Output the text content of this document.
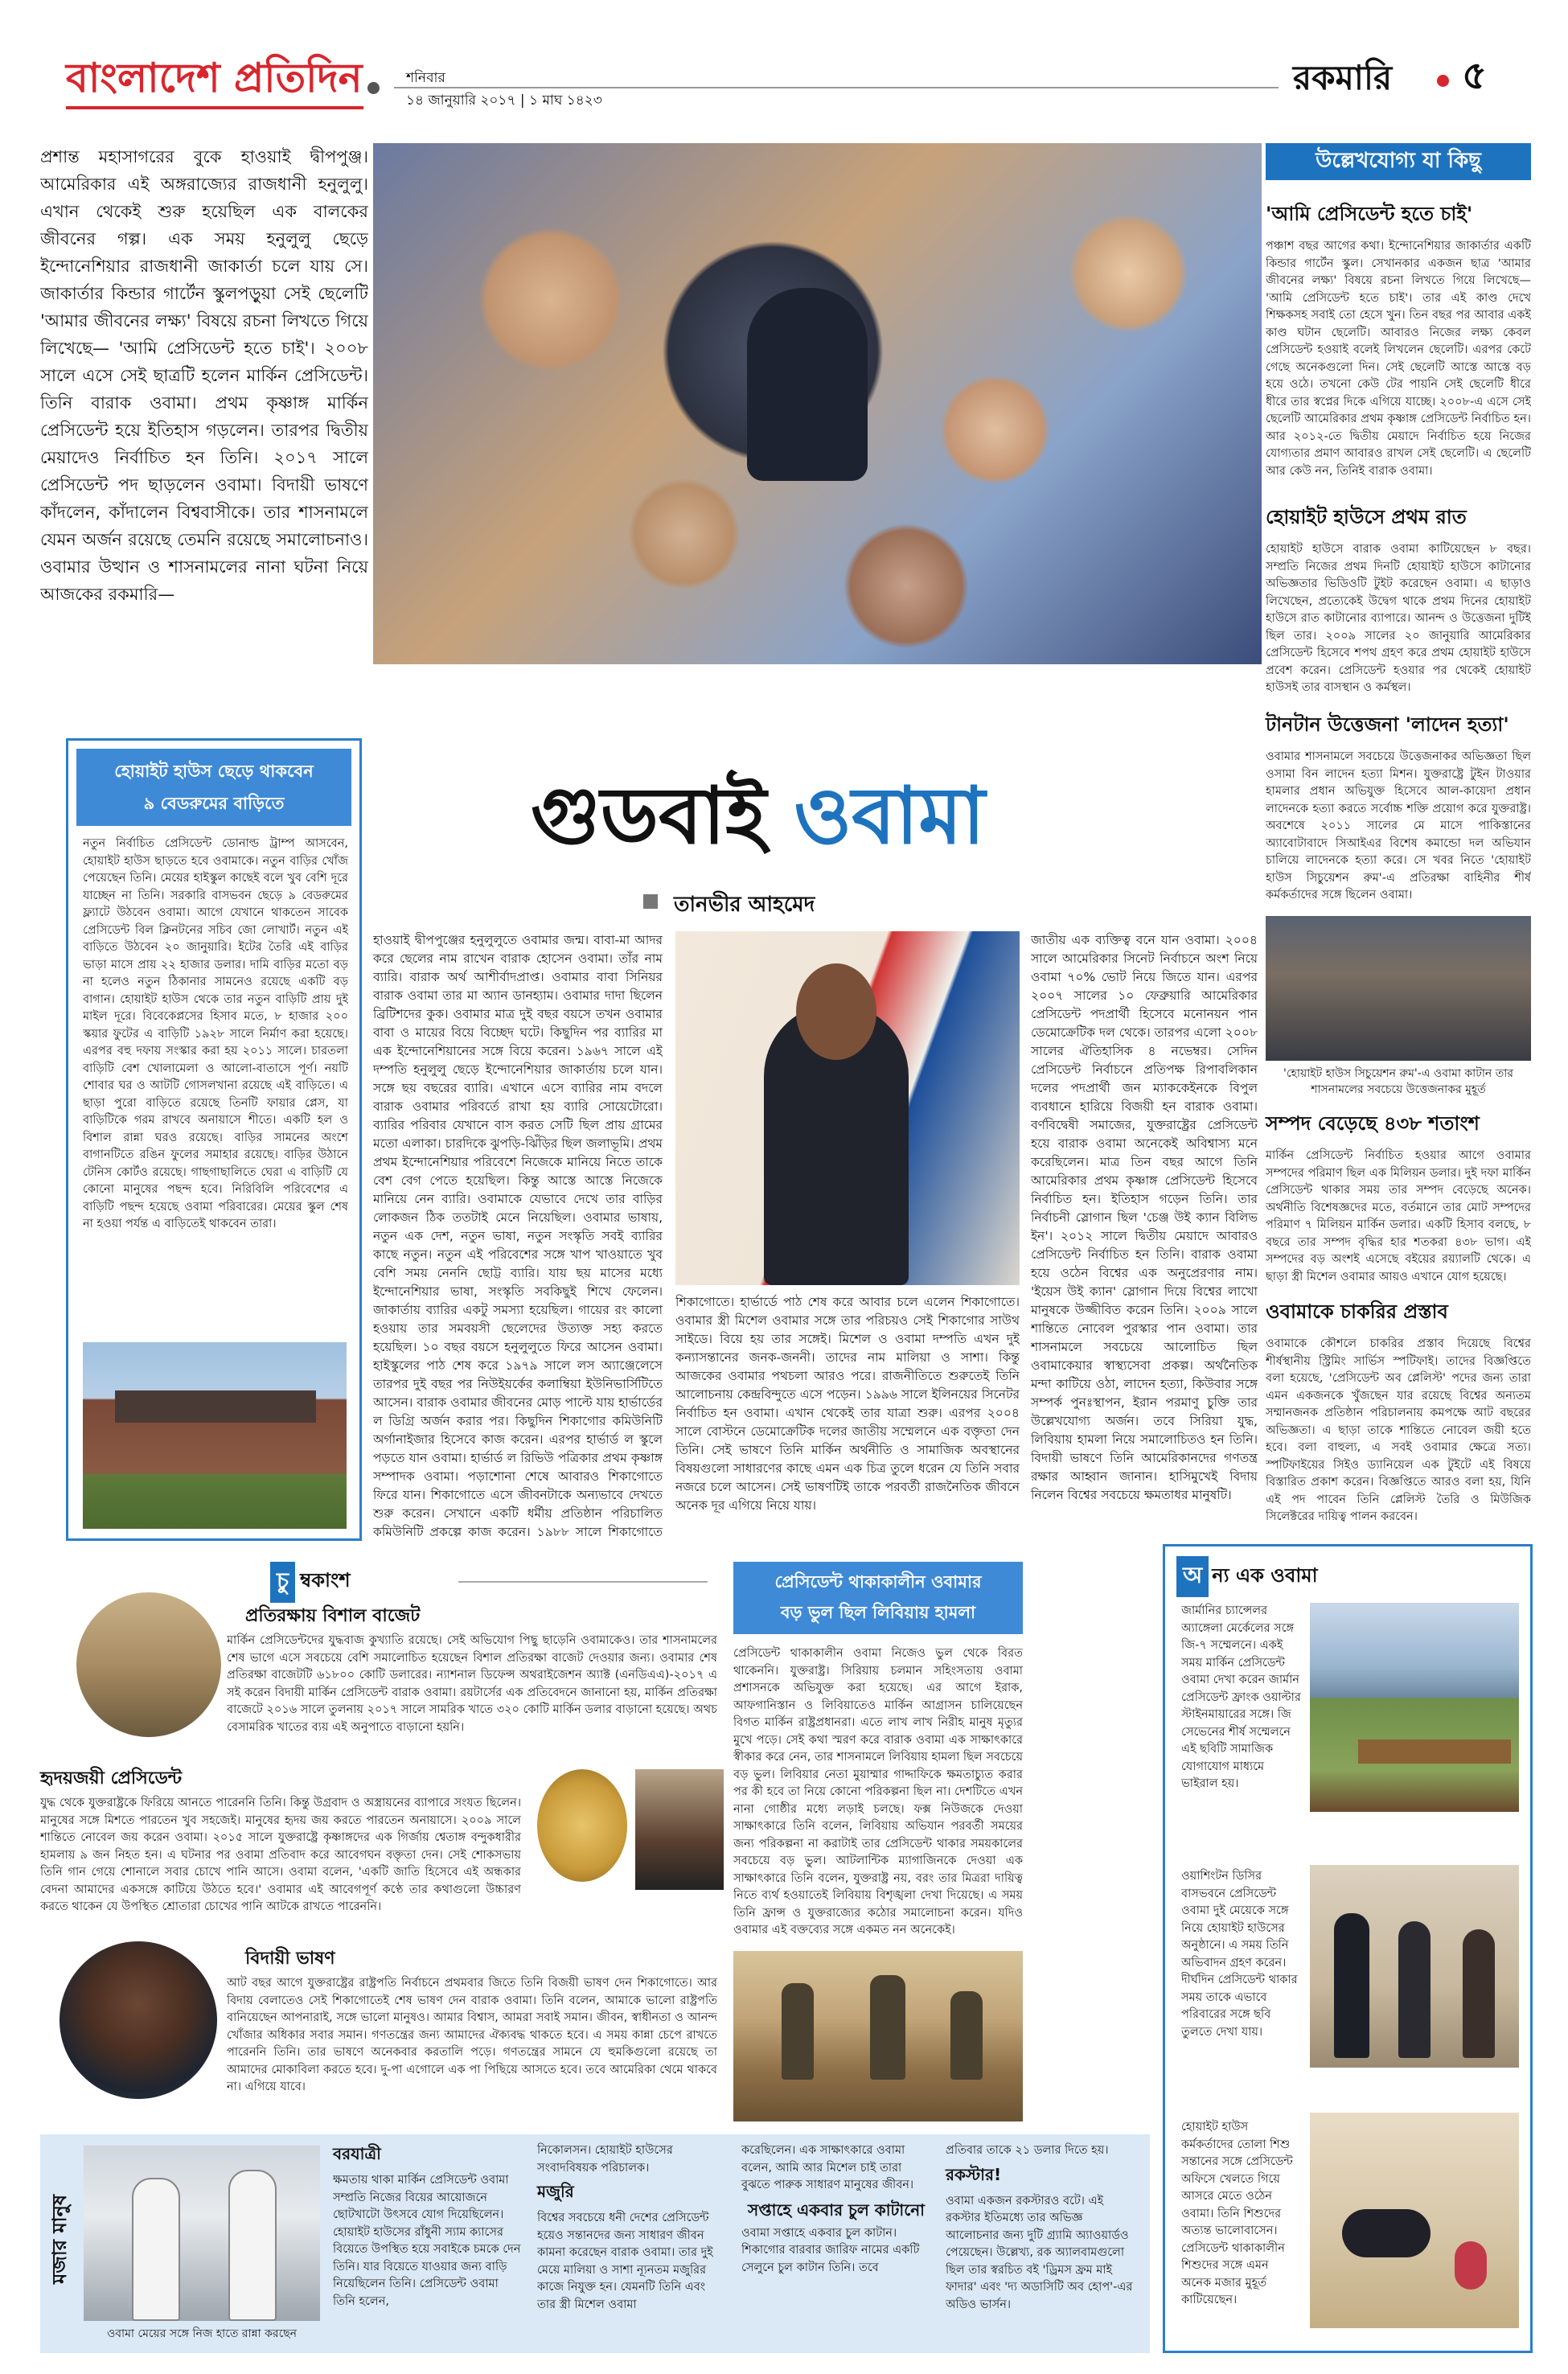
বাংলাদেশ প্রতিদিন	শনিবার
১৪ জানুয়ারি ২০১৭ | ১ মাঘ ১৪২৩
রকমারি ৫
প্রশান্ত মহাসাগরের বুকে হাওয়াই দ্বীপপুঞ্জ। আমেরিকার এই অঙ্গরাজ্যের রাজধানী হনুলুলু। এখান থেকেই শুরু হয়েছিল এক বালকের জীবনের গল্প। এক সময় হনুলুলু ছেড়ে ইন্দোনেশিয়ার রাজধানী জাকার্তা চলে যায় সে। জাকার্তার কিন্ডার গার্টেন স্কুলপড়ুয়া সেই ছেলেটি 'আমার জীবনের লক্ষ্য' বিষয়ে রচনা লিখতে গিয়ে লিখেছে— 'আমি প্রেসিডেন্ট হতে চাই'। ২০০৮ সালে এসে সেই ছাত্রটি হলেন মার্কিন প্রেসিডেন্ট। তিনি বারাক ওবামা। প্রথম কৃষ্ণাঙ্গ মার্কিন প্রেসিডেন্ট হয়ে ইতিহাস গড়লেন। তারপর দ্বিতীয় মেয়াদেও নির্বাচিত হন তিনি। ২০১৭ সালে প্রেসিডেন্ট পদ ছাড়লেন ওবামা। বিদায়ী ভাষণে কাঁদলেন, কাঁদালেন বিশ্ববাসীকে। তার শাসনামলে যেমন অর্জন রয়েছে তেমনি রয়েছে সমালোচনাও। ওবামার উত্থান ও শাসনামলের নানা ঘটনা নিয়ে আজকের রকমারি—
উল্লেখযোগ্য যা কিছু
'আমি প্রেসিডেন্ট হতে চাই'
পঞ্চাশ বছর আগের কথা। ইন্দোনেশিয়ার জাকার্তার একটি কিন্ডার গার্টেন স্কুল। সেখানকার একজন ছাত্র 'আমার জীবনের লক্ষ্য' বিষয়ে রচনা লিখতে গিয়ে লিখেছে— 'আমি প্রেসিডেন্ট হতে চাই'। তার এই কাণ্ড দেখে শিক্ষকসহ সবাই তো হেসে খুন। তিন বছর পর আবার একই কাণ্ড ঘটান ছেলেটি। আবারও নিজের লক্ষ্য কেবল প্রেসিডেন্ট হওয়াই বলেই লিখলেন ছেলেটি। এরপর কেটে গেছে অনেকগুলো দিন। সেই ছেলেটি আস্তে আস্তে বড় হয়ে ওঠে। তখনো কেউ টের পায়নি সেই ছেলেটি ধীরে ধীরে তার স্বপ্নের দিকে এগিয়ে যাচ্ছে। ২০০৮-এ এসে সেই ছেলেটি আমেরিকার প্রথম কৃষ্ণাঙ্গ প্রেসিডেন্ট নির্বাচিত হন। আর ২০১২-তে দ্বিতীয় মেয়াদে নির্বাচিত হয়ে নিজের যোগ্যতার প্রমাণ আবারও রাখল সেই ছেলেটি। এ ছেলেটি আর কেউ নন, তিনিই বারাক ওবামা।
হোয়াইট হাউসে প্রথম রাত
হোয়াইট হাউসে বারাক ওবামা কাটিয়েছেন ৮ বছর। সম্প্রতি নিজের প্রথম দিনটি হোয়াইট হাউসে কাটানোর অভিজ্ঞতার ভিডিওটি টুইট করেছেন ওবামা। এ ছাড়াও লিখেছেন, প্রত্যেকেই উদ্বেগ থাকে প্রথম দিনের হোয়াইট হাউসে রাত কাটানোর ব্যাপারে। আনন্দ ও উত্তেজনা দুটিই ছিল তার। ২০০৯ সালের ২০ জানুয়ারি আমেরিকার প্রেসিডেন্ট হিসেবে শপথ গ্রহণ করে প্রথম হোয়াইট হাউসে প্রবেশ করেন। প্রেসিডেন্ট হওয়ার পর থেকেই হোয়াইট হাউসই তার বাসস্থান ও কর্মস্থল।
টানটান উত্তেজনা 'লাদেন হত্যা'
ওবামার শাসনামলে সবচেয়ে উত্তেজনাকর অভিজ্ঞতা ছিল ওসামা বিন লাদেন হত্যা মিশন। যুক্তরাষ্ট্রে টুইন টাওয়ার হামলার প্রধান অভিযুক্ত হিসেবে আল-কায়েদা প্রধান লাদেনকে হত্যা করতে সর্বোচ্চ শক্তি প্রয়োগ করে যুক্তরাষ্ট্র। অবশেষে ২০১১ সালের মে মাসে পাকিস্তানের অ্যাবোটাবাদে সিআইএর বিশেষ কমান্ডো দল অভিযান চালিয়ে লাদেনকে হত্যা করে। সে খবর নিতে 'হোয়াইট হাউস সিচুয়েশন রুম'-এ প্রতিরক্ষা বাহিনীর শীর্ষ কর্মকর্তাদের সঙ্গে ছিলেন ওবামা।
'হোয়াইট হাউস সিচুয়েশন রুম'-এ ওবামা কাটান তার শাসনামলের সবচেয়ে উত্তেজনাকর মুহূর্ত
সম্পদ বেড়েছে ৪৩৮ শতাংশ
মার্কিন প্রেসিডেন্ট নির্বাচিত হওয়ার আগে ওবামার সম্পদের পরিমাণ ছিল এক মিলিয়ন ডলার। দুই দফা মার্কিন প্রেসিডেন্ট থাকার সময় তার সম্পদ বেড়েছে অনেক। অর্থনীতি বিশেষজ্ঞদের মতে, বর্তমানে তার মোট সম্পদের পরিমাণ ৭ মিলিয়ন মার্কিন ডলার। একটি হিসাব বলছে, ৮ বছরে তার সম্পদ বৃদ্ধির হার শতকরা ৪৩৮ ভাগ। এই সম্পদের বড় অংশই এসেছে বইয়ের রয়্যালটি থেকে। এ ছাড়া স্ত্রী মিশেল ওবামার আয়ও এখানে যোগ হয়েছে।
ওবামাকে চাকরির প্রস্তাব
ওবামাকে কৌশলে চাকরির প্রস্তাব দিয়েছে বিশ্বের শীর্ষস্থানীয় স্ট্রিমিং সার্ভিস স্পটিফাই। তাদের বিজ্ঞপ্তিতে বলা হয়েছে, 'প্রেসিডেন্ট অব প্লেলিস্ট' পদের জন্য তারা এমন একজনকে খুঁজছেন যার রয়েছে বিশ্বের অন্যতম সম্মানজনক প্রতিষ্ঠান পরিচালনায় কমপক্ষে আট বছরের অভিজ্ঞতা। এ ছাড়া তাকে শান্তিতে নোবেল জয়ী হতে হবে। বলা বাহুল্য, এ সবই ওবামার ক্ষেত্রে সত্য। স্পটিফাইয়ের সিইও ড্যানিয়েল এক টুইটে এই বিষয়ে বিস্তারিত প্রকাশ করেন। বিজ্ঞপ্তিতে আরও বলা হয়, যিনি এই পদ পাবেন তিনি প্লেলিস্ট তৈরি ও মিউজিক সিলেক্টরের দায়িত্ব পালন করবেন।
হোয়াইট হাউস ছেড়ে থাকবেন
৯ বেডরুমের বাড়িতে
নতুন নির্বাচিত প্রেসিডেন্ট ডোনাল্ড ট্রাম্প আসবেন, হোয়াইট হাউস ছাড়তে হবে ওবামাকে। নতুন বাড়ির খোঁজ পেয়েছেন তিনি। মেয়ের হাইস্কুল কাছেই বলে খুব বেশি দূরে যাচ্ছেন না তিনি। সরকারি বাসভবন ছেড়ে ৯ বেডরুমের ফ্ল্যাটে উঠবেন ওবামা। আগে যেখানে থাকতেন সাবেক প্রেসিডেন্ট বিল ক্লিনটনের সচিব জো লোখার্ট। নতুন এই বাড়িতে উঠবেন ২০ জানুয়ারি। ইটের তৈরি এই বাড়ির ভাড়া মাসে প্রায় ২২ হাজার ডলার। দামি বাড়ির মতো বড় না হলেও নতুন ঠিকানার সামনেও রয়েছে একটি বড় বাগান। হোয়াইট হাউস থেকে তার নতুন বাড়িটি প্রায় দুই মাইল দূরে। বিবেকেপ্লসের হিসাব মতে, ৮ হাজার ২০০ স্কয়ার ফুটের এ বাড়িটি ১৯২৮ সালে নির্মাণ করা হয়েছে। এরপর বহু দফায় সংস্কার করা হয় ২০১১ সালে। চারতলা বাড়িটি বেশ খোলামেলা ও আলো-বাতাসে পূর্ণ। নয়টি শোবার ঘর ও আটটি গোসলখানা রয়েছে এই বাড়িতে। এ ছাড়া পুরো বাড়িতে রয়েছে তিনটি ফায়ার প্লেস, যা বাড়িটিকে গরম রাখবে অনায়াসে শীতে। একটি হল ও বিশাল রান্না ঘরও রয়েছে। বাড়ির সামনের অংশে বাগানটিতে রঙিন ফুলের সমাহার রয়েছে। বাড়ির উঠানে টেনিস কোর্টও রয়েছে। গাছগাছালিতে ঘেরা এ বাড়িটি যে কোনো মানুষের পছন্দ হবে। নিরিবিলি পরিবেশের এ বাড়িটি পছন্দ হয়েছে ওবামা পরিবারের। মেয়ের স্কুল শেষ না হওয়া পর্যন্ত এ বাড়িতেই থাকবেন তারা।
গুডবাই ওবামা
তানভীর আহমেদ
হাওয়াই দ্বীপপুঞ্জের হনুলুলুতে ওবামার জন্ম। বাবা-মা আদর করে ছেলের নাম রাখেন বারাক হোসেন ওবামা। তাঁর নাম ব্যারি। বারাক অর্থ আশীর্বাদপ্রাপ্ত। ওবামার বাবা সিনিয়র বারাক ওবামা তার মা অ্যান ডানহ্যাম। ওবামার দাদা ছিলেন ব্রিটিশদের কুক। ওবামার মাত্র দুই বছর বয়সে তখন ওবামার বাবা ও মায়ের বিয়ে বিচ্ছেদ ঘটে। কিছুদিন পর ব্যারির মা এক ইন্দোনেশিয়ানের সঙ্গে বিয়ে করেন। ১৯৬৭ সালে এই দম্পতি হনুলুলু ছেড়ে ইন্দোনেশিয়ার জাকার্তায় চলে যান। সঙ্গে ছয় বছরের ব্যারি। এখানে এসে ব্যারির নাম বদলে বারাক ওবামার পরিবর্তে রাখা হয় ব্যারি সোয়েটোরো। ব্যারির পরিবার যেখানে বাস করত সেটি ছিল প্রায় গ্রামের মতো এলাকা। চারদিকে ঝুপড়ি-ঝিঁড়ির ছিল জলাভূমি। প্রথম প্রথম ইন্দোনেশিয়ার পরিবেশে নিজেকে মানিয়ে নিতে তাকে বেশ বেগ পেতে হয়েছিল। কিন্তু আস্তে আস্তে নিজেকে মানিয়ে নেন ব্যারি। ওবামাকে যেভাবে দেখে তার বাড়ির লোকজন ঠিক ততটাই মেনে নিয়েছিল। ওবামার ভাষায়, নতুন এক দেশ, নতুন ভাষা, নতুন সংস্কৃতি সবই ব্যারির কাছে নতুন। নতুন এই পরিবেশের সঙ্গে খাপ খাওয়াতে খুব বেশি সময় নেননি ছোট্ট ব্যারি। যায় ছয় মাসের মধ্যে ইন্দোনেশিয়ার ভাষা, সংস্কৃতি সবকিছুই শিখে ফেলেন। জাকার্তায় ব্যারির একটু সমস্যা হয়েছিল। গায়ের রং কালো হওয়ায় তার সমবয়সী ছেলেদের উত্যক্ত সহ্য করতে হয়েছিল। ১০ বছর বয়সে হনুলুলুতে ফিরে আসেন ওবামা। হাইস্কুলের পাঠ শেষ করে ১৯৭৯ সালে লস অ্যাঞ্জেলেসে তারপর দুই বছর পর নিউইয়র্কের কলাম্বিয়া ইউনিভার্সিটিতে আসেন। বারাক ওবামার জীবনের মোড় পাল্টে যায় হার্ভার্ডের ল ডিগ্রি অর্জন করার পর। কিছুদিন শিকাগোর কমিউনিটি অর্গানাইজার হিসেবে কাজ করেন। এরপর হার্ভার্ড ল স্কুলে পড়তে যান ওবামা। হার্ভার্ড ল রিভিউ পত্রিকার প্রথম কৃষ্ণাঙ্গ সম্পাদক ওবামা। পড়াশোনা শেষে আবারও শিকাগোতে ফিরে যান। শিকাগোতে এসে জীবনটাকে অন্যভাবে দেখতে শুরু করেন। সেখানে একটি ধর্মীয় প্রতিষ্ঠান পরিচালিত কমিউনিটি প্রকল্পে কাজ করেন। ১৯৮৮ সালে শিকাগোতে
শিকাগোতে। হার্ভার্ডে পাঠ শেষ করে আবার চলে এলেন শিকাগোতে। ওবামার স্ত্রী মিশেল ওবামার সঙ্গে তার পরিচয়ও সেই শিকাগোর সাউথ সাইডে। বিয়ে হয় তার সঙ্গেই। মিশেল ও ওবামা দম্পতি এখন দুই কন্যাসন্তানের জনক-জননী। তাদের নাম মালিয়া ও সাশা। কিন্তু আজকের ওবামার পথচলা আরও পরে। রাজনীতিতে শুরুতেই তিনি আলোচনায় কেন্দ্রবিন্দুতে এসে পড়েন। ১৯৯৬ সালে ইলিনয়ের সিনেটর নির্বাচিত হন ওবামা। এখান থেকেই তার যাত্রা শুরু। এরপর ২০০৪ সালে বোস্টনে ডেমোক্রেটিক দলের জাতীয় সম্মেলনে এক বক্তৃতা দেন তিনি। সেই ভাষণে তিনি মার্কিন অর্থনীতি ও সামাজিক অবস্থানের বিষয়গুলো সাধারণের কাছে এমন এক চিত্র তুলে ধরেন যে তিনি সবার নজরে চলে আসেন। সেই ভাষণটিই তাকে পরবর্তী রাজনৈতিক জীবনে অনেক দূর এগিয়ে নিয়ে যায়।
জাতীয় এক ব্যক্তিত্ব বনে যান ওবামা। ২০০৪ সালে আমেরিকার সিনেট নির্বাচনে অংশ নিয়ে ওবামা ৭০% ভোট নিয়ে জিতে যান। এরপর ২০০৭ সালের ১০ ফেব্রুয়ারি আমেরিকার প্রেসিডেন্ট পদপ্রার্থী হিসেবে মনোনয়ন পান ডেমোক্রেটিক দল থেকে। তারপর এলো ২০০৮ সালের ঐতিহাসিক ৪ নভেম্বর। সেদিন প্রেসিডেন্ট নির্বাচনে প্রতিপক্ষ রিপাবলিকান দলের পদপ্রার্থী জন ম্যাককেইনকে বিপুল ব্যবধানে হারিয়ে বিজয়ী হন বারাক ওবামা। বর্ণবিদ্বেষী সমাজের, যুক্তরাষ্ট্রের প্রেসিডেন্ট হয়ে বারাক ওবামা অনেকেই অবিশ্বাস্য মনে করেছিলেন। মাত্র তিন বছর আগে তিনি আমেরিকার প্রথম কৃষ্ণাঙ্গ প্রেসিডেন্ট হিসেবে নির্বাচিত হন। ইতিহাস গড়েন তিনি। তার নির্বাচনী স্লোগান ছিল 'চেঞ্জ উই ক্যান বিলিভ ইন'। ২০১২ সালে দ্বিতীয় মেয়াদে আবারও প্রেসিডেন্ট নির্বাচিত হন তিনি। বারাক ওবামা হয়ে ওঠেন বিশ্বের এক অনুপ্রেরণার নাম। 'ইয়েস উই ক্যান' স্লোগান দিয়ে বিশ্বের লাখো মানুষকে উজ্জীবিত করেন তিনি। ২০০৯ সালে শান্তিতে নোবেল পুরস্কার পান ওবামা। তার শাসনামলে সবচেয়ে আলোচিত ছিল ওবামাকেয়ার স্বাস্থ্যসেবা প্রকল্প। অর্থনৈতিক মন্দা কাটিয়ে ওঠা, লাদেন হত্যা, কিউবার সঙ্গে সম্পর্ক পুনঃস্থাপন, ইরান পরমাণু চুক্তি তার উল্লেখযোগ্য অর্জন। তবে সিরিয়া যুদ্ধ, লিবিয়ায় হামলা নিয়ে সমালোচিতও হন তিনি। বিদায়ী ভাষণে তিনি আমেরিকানদের গণতন্ত্র রক্ষার আহ্বান জানান। হাসিমুখেই বিদায় নিলেন বিশ্বের সবচেয়ে ক্ষমতাধর মানুষটি।
চু ম্বকাংশ
প্রতিরক্ষায় বিশাল বাজেট
মার্কিন প্রেসিডেন্টদের যুদ্ধবাজ কুখ্যাতি রয়েছে। সেই অভিযোগ পিছু ছাড়েনি ওবামাকেও। তার শাসনামলের শেষ ভাগে এসে সবচেয়ে বেশি সমালোচিত হয়েছেন বিশাল প্রতিরক্ষা বাজেট দেওয়ার জন্য। ওবামার শেষ প্রতিরক্ষা বাজেটটি ৬১৮০০ কোটি ডলারের। ন্যাশনাল ডিফেন্স অথরাইজেশন অ্যাক্ট (এনডিএএ)-২০১৭ এ সই করেন বিদায়ী মার্কিন প্রেসিডেন্ট বারাক ওবামা। রয়টার্সের এক প্রতিবেদনে জানানো হয়, মার্কিন প্রতিরক্ষা বাজেটে ২০১৬ সালে তুলনায় ২০১৭ সালে সামরিক খাতে ৩২০ কোটি মার্কিন ডলার বাড়ানো হয়েছে। অথচ বেসামরিক খাতের ব্যয় এই অনুপাতে বাড়ানো হয়নি।
হৃদয়জয়ী প্রেসিডেন্ট
যুদ্ধ থেকে যুক্তরাষ্ট্রকে ফিরিয়ে আনতে পারেননি তিনি। কিন্তু উগ্রবাদ ও অস্ত্রায়নের ব্যাপারে সংযত ছিলেন। মানুষের সঙ্গে মিশতে পারতেন খুব সহজেই। মানুষের হৃদয় জয় করতে পারতেন অনায়াসে। ২০০৯ সালে শান্তিতে নোবেল জয় করেন ওবামা। ২০১৫ সালে যুক্তরাষ্ট্রে কৃষ্ণাঙ্গদের এক গির্জায় শ্বেতাঙ্গ বন্দুকধারীর হামলায় ৯ জন নিহত হন। এ ঘটনার পর ওবামা প্রতিবাদ করে আবেগঘন বক্তৃতা দেন। সেই শোকসভায় তিনি গান গেয়ে শোনালে সবার চোখে পানি আসে। ওবামা বলেন, 'একটি জাতি হিসেবে এই অন্ধকার বেদনা আমাদের একসঙ্গে কাটিয়ে উঠতে হবে।' ওবামার এই আবেগপূর্ণ কণ্ঠে তার কথাগুলো উচ্চারণ করতে থাকেন যে উপস্থিত শ্রোতারা চোখের পানি আটকে রাখতে পারেননি।
বিদায়ী ভাষণ
আট বছর আগে যুক্তরাষ্ট্রের রাষ্ট্রপতি নির্বাচনে প্রথমবার জিতে তিনি বিজয়ী ভাষণ দেন শিকাগোতে। আর বিদায় বেলাতেও সেই শিকাগোতেই শেষ ভাষণ দেন বারাক ওবামা। তিনি বলেন, আমাকে ভালো রাষ্ট্রপতি বানিয়েছেন আপনারাই, সঙ্গে ভালো মানুষও। আমার বিশ্বাস, আমরা সবাই সমান। জীবন, স্বাধীনতা ও আনন্দ খোঁজার অধিকার সবার সমান। গণতন্ত্রের জন্য আমাদের ঐক্যবদ্ধ থাকতে হবে। এ সময় কান্না চেপে রাখতে পারেননি তিনি। তার ভাষণে অনেকবার করতালি পড়ে। গণতন্ত্রের সামনে যে হুমকিগুলো রয়েছে তা আমাদের মোকাবিলা করতে হবে। দু-পা এগোলে এক পা পিছিয়ে আসতে হবে। তবে আমেরিকা থেমে থাকবে না। এগিয়ে যাবে।
প্রেসিডেন্ট থাকাকালীন ওবামার
বড় ভুল ছিল লিবিয়ায় হামলা
প্রেসিডেন্ট থাকাকালীন ওবামা নিজেও ভুল থেকে বিরত থাকেননি। যুক্তরাষ্ট্র। সিরিয়ায় চলমান সহিংসতায় ওবামা প্রশাসনকে অভিযুক্ত করা হয়েছে। এর আগে ইরাক, আফগানিস্তান ও লিবিয়াতেও মার্কিন আগ্রাসন চালিয়েছেন বিগত মার্কিন রাষ্ট্রপ্রধানরা। এতে লাখ লাখ নিরীহ মানুষ মৃত্যুর মুখে পড়ে। সেই কথা স্মরণ করে বারাক ওবামা এক সাক্ষাৎকারে স্বীকার করে নেন, তার শাসনামলে লিবিয়ায় হামলা ছিল সবচেয়ে বড় ভুল। লিবিয়ার নেতা মুয়াম্মার গাদ্দাফিকে ক্ষমতাচ্যুত করার পর কী হবে তা নিয়ে কোনো পরিকল্পনা ছিল না। দেশটিতে এখন নানা গোষ্ঠীর মধ্যে লড়াই চলছে। ফক্স নিউজকে দেওয়া সাক্ষাৎকারে তিনি বলেন, লিবিয়ায় অভিযান পরবর্তী সময়ের জন্য পরিকল্পনা না করাটাই তার প্রেসিডেন্ট থাকার সময়কালের সবচেয়ে বড় ভুল। আটলান্টিক ম্যাগাজিনকে দেওয়া এক সাক্ষাৎকারে তিনি বলেন, যুক্তরাষ্ট্র নয়, বরং তার মিত্ররা দায়িত্ব নিতে ব্যর্থ হওয়াতেই লিবিয়ায় বিশৃঙ্খলা দেখা দিয়েছে। এ সময় তিনি ফ্রান্স ও যুক্তরাজ্যের কঠোর সমালোচনা করেন। যদিও ওবামার এই বক্তব্যের সঙ্গে একমত নন অনেকেই।
অ ন্য এক ওবামা
জার্মানির চ্যান্সেলর অ্যাঙ্গেলা মের্কেলের সঙ্গে জি-৭ সম্মেলনে। একই সময় মার্কিন প্রেসিডেন্ট ওবামা দেখা করেন জার্মান প্রেসিডেন্ট ফ্রাংক ওয়াল্টার স্টাইনমায়ারের সঙ্গে। জি সেভেনের শীর্ষ সম্মেলনে এই ছবিটি সামাজিক যোগাযোগ মাধ্যমে ভাইরাল হয়।
ওয়াশিংটন ডিসির বাসভবনে প্রেসিডেন্ট ওবামা দুই মেয়েকে সঙ্গে নিয়ে হোয়াইট হাউসের অনুষ্ঠানে। এ সময় তিনি অভিবাদন গ্রহণ করেন। দীর্ঘদিন প্রেসিডেন্ট থাকার সময় তাকে এভাবে পরিবারের সঙ্গে ছবি তুলতে দেখা যায়।
হোয়াইট হাউস কর্মকর্তাদের তোলা শিশু সন্তানের সঙ্গে প্রেসিডেন্ট অফিসে খেলতে গিয়ে আসরে মেতে ওঠেন ওবামা। তিনি শিশুদের অত্যন্ত ভালোবাসেন। প্রেসিডেন্ট থাকাকালীন শিশুদের সঙ্গে এমন অনেক মজার মুহূর্ত কাটিয়েছেন।
মজার মানুষ
ওবামা মেয়ের সঙ্গে নিজ হাতে রান্না করছেন
বরযাত্রী
ক্ষমতায় থাকা মার্কিন প্রেসিডেন্ট ওবামা সম্প্রতি নিজের বিয়ের আয়োজনে ছোটখাটো উৎসবে যোগ দিয়েছিলেন। হোয়াইট হাউসের রাঁধুনী স্যাম ক্যাসের বিয়েতে উপস্থিত হয়ে সবাইকে চমকে দেন তিনি। যার বিয়েতে যাওয়ার জন্য বাড়ি নিয়েছিলেন তিনি। প্রেসিডেন্ট ওবামা তিনি হলেন,
নিকোলসন। হোয়াইট হাউসের সংবাদবিষয়ক পরিচালক।
মজুরি
বিশ্বের সবচেয়ে ধনী দেশের প্রেসিডেন্ট হয়েও সন্তানদের জন্য সাধারণ জীবন কামনা করেছেন বারাক ওবামা। তার দুই মেয়ে মালিয়া ও সাশা ন্যূনতম মজুরির কাজে নিযুক্ত হন। যেমনটি তিনি এবং তার স্ত্রী মিশেল ওবামা
করেছিলেন। এক সাক্ষাৎকারে ওবামা বলেন, আমি আর মিশেল চাই তারা বুঝতে পারুক সাধারণ মানুষের জীবন।
সপ্তাহে একবার চুল কাটানো
ওবামা সপ্তাহে একবার চুল কাটান। শিকাগোর বারবার জারিফ নামের একটি সেলুনে চুল কাটান তিনি। তবে
প্রতিবার তাকে ২১ ডলার দিতে হয়।
রকস্টার!
ওবামা একজন রকস্টারও বটে। এই রকস্টার ইতিমধ্যে তার অভিজ্ঞ আলোচনার জন্য দুটি গ্র্যামি অ্যাওয়ার্ডও পেয়েছেন। উল্লেখ্য, রক অ্যালবামগুলো ছিল তার স্বরচিত বই 'ড্রিমস ফ্রম মাই ফাদার' এবং 'দ্য অডাসিটি অব হোপ'-এর অডিও ভার্সন।
